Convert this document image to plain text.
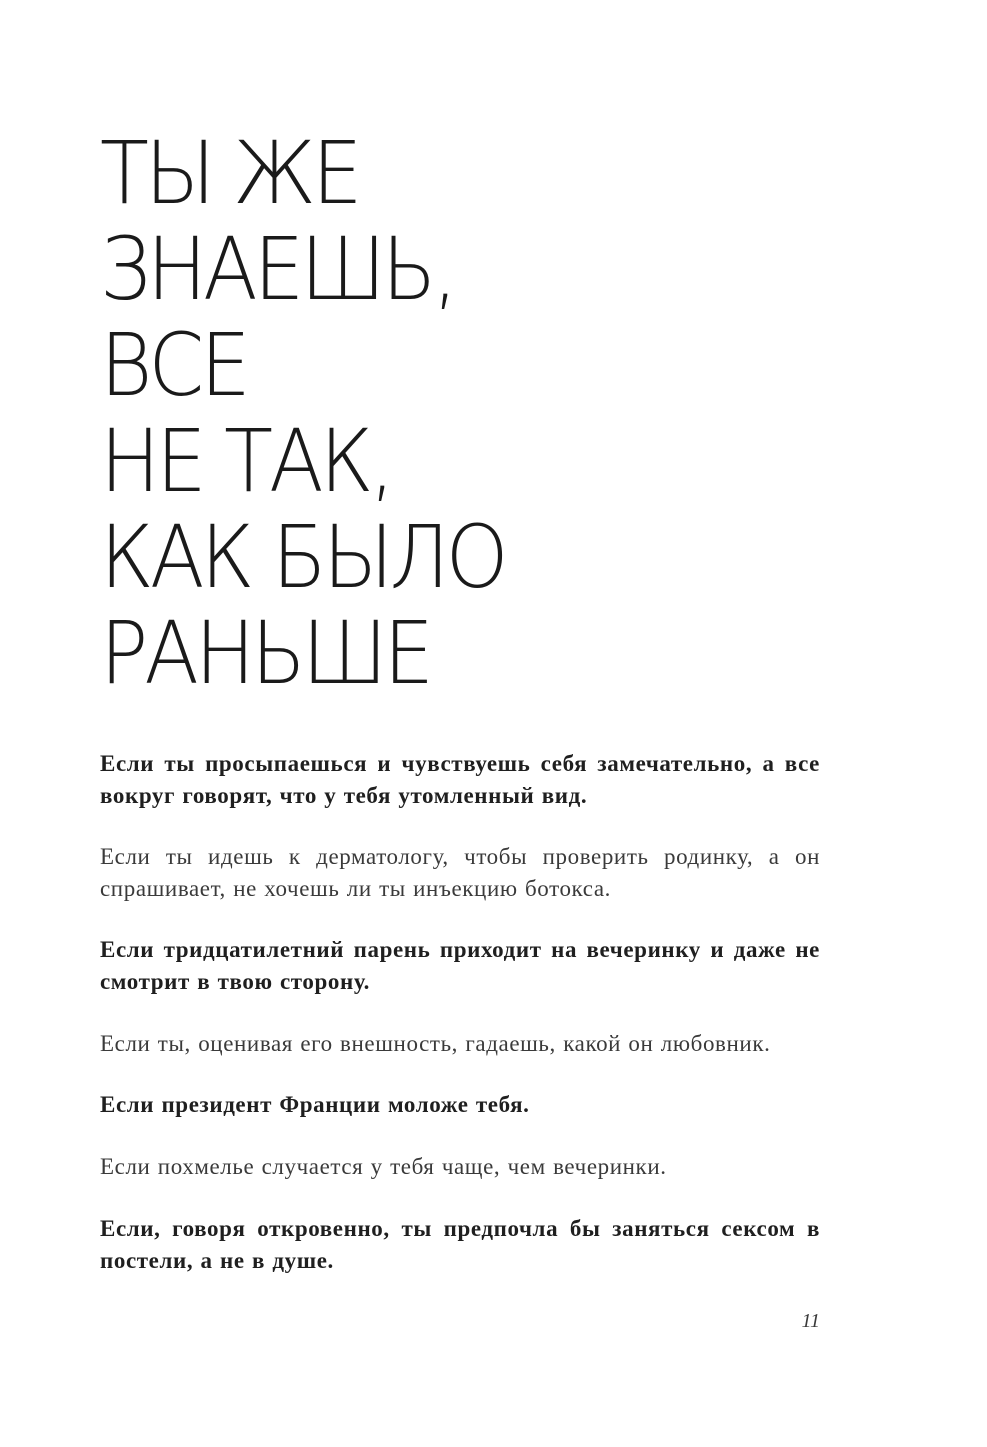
ТЫ ЖЕ
ЗНАЕШЬ,
ВСЕ
НЕ ТАК,
КАК БЫЛО
РАНЬШЕ

Если ты просыпаешься и чувствуешь себя замечательно, а все вокруг говорят, что у тебя утомленный вид.

Если ты идешь к дерматологу, чтобы проверить родинку, а он спрашивает, не хочешь ли ты инъекцию ботокса.

Если тридцатилетний парень приходит на вечеринку и даже не смотрит в твою сторону.

Если ты, оценивая его внешность, гадаешь, какой он любовник.

Если президент Франции моложе тебя.

Если похмелье случается у тебя чаще, чем вечеринки.

Если, говоря откровенно, ты предпочла бы заняться сексом в постели, а не в душе.

11
